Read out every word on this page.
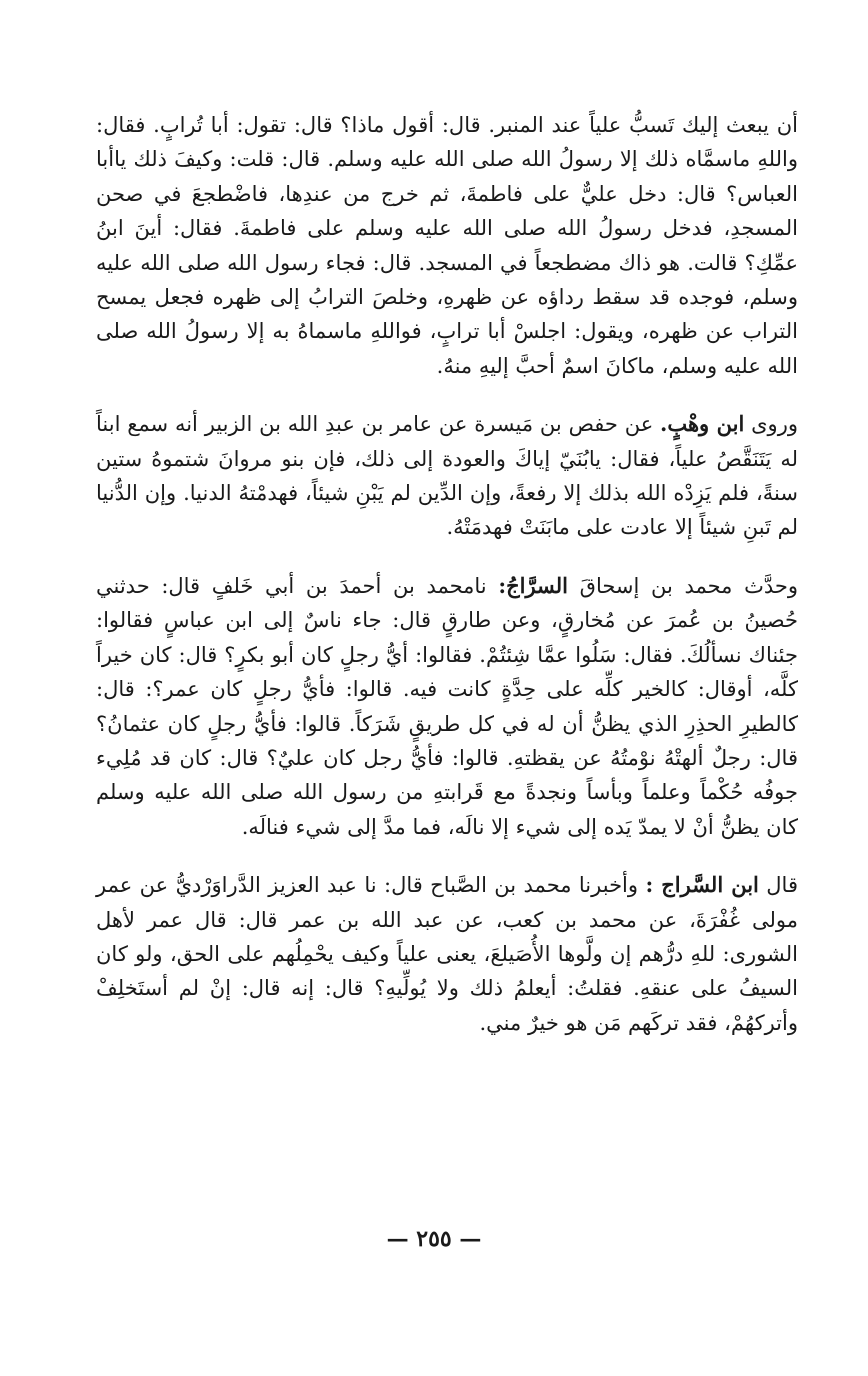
أن يبعث إليك تَسبُّ علياً عند المنبر. قال: أقول ماذا؟ قال: تقول: أبا تُرابٍ. فقال: واللهِ ماسمَّاه ذلك إلا رسولُ الله صلى الله عليه وسلم. قال: قلت: وكيفَ ذلك ياأبا العباس؟ قال: دخل عليٌّ على فاطمةَ، ثم خرج من عندِها، فاضْطجعَ في صحن المسجدِ، فدخل رسولُ الله صلى الله عليه وسلم على فاطمةَ. فقال: أينَ ابنُ عمِّكِ؟ قالت. هو ذاك مضطجعاً في المسجد. قال: فجاء رسول الله صلى الله عليه وسلم، فوجده قد سقط رداؤه عن ظهرهِ، وخلصَ الترابُ إلى ظهره فجعل يمسح التراب عن ظهره، ويقول: اجلسْ أبا ترابٍ، فواللهِ ماسماهُ به إلا رسولُ الله صلى الله عليه وسلم، ماكانَ اسمٌ أحبَّ إليهِ منهُ.

وروى ابن وهْبٍ. عن حفص بن مَيسرة عن عامر بن عبدِ الله بن الزبير أنه سمع ابناً له يَتَنَقَّصُ علياً، فقال: يابُنَيّ إياكَ والعودة إلى ذلك، فإن بنو مروانَ شتموهُ ستين سنةً، فلم يَزِدْه الله بذلك إلا رفعةً، وإن الدِّين لم يَبْنِ شيئاً، فهدمْتهُ الدنيا. وإن الدُّنيا لم تَبنِ شيئاً إلا عادت على مابَنَتْ فهدمَتْهُ.

وحدَّث محمد بن إسحاقَ السرَّاجُ: نامحمد بن أحمدَ بن أبي خَلفٍ قال: حدثني حُصينُ بن عُمرَ عن مُخارقٍ، وعن طارقٍ قال: جاء ناسٌ إلى ابن عباسٍ فقالوا: جئناك نسألُكَ. فقال: سَلُوا عمَّا شِئتُمْ. فقالوا: أيُّ رجلٍ كان أبو بكرٍ؟ قال: كان خيراً كلَّه، أوقال: كالخير كلِّه على حِدَّةٍ كانت فيه. قالوا: فأيُّ رجلٍ كان عمر؟: قال: كالطيرِ الحذِرِ الذي يظنُّ أن له في كل طريقٍ شَرَكاً. قالوا: فأيُّ رجلٍ كان عثمانُ؟ قال: رجلٌ ألهتْهُ نوْمتُهُ عن يقظتهِ. قالوا: فأيُّ رجل كان عليٌ؟ قال: كان قد مُلِيء جوفُه حُكْماً وعلماً وبأساً ونجدةً مع قَرابتهِ من رسول الله صلى الله عليه وسلم كان يظنُّ أنْ لا يمدّ يَده إلى شيء إلا نالَه، فما مدَّ إلى شيء فنالَه.

قال ابن السَّراج : وأخبرنا محمد بن الصَّباح قال: نا عبد العزيز الدَّراوَرْديُّ عن عمر مولى غُفْرَةَ، عن محمد بن كعب، عن عبد الله بن عمر قال: قال عمر لأهل الشورى: للهِ درُّهم إن ولَّوها الأُصَيلعَ، يعنى علياً وكيف يحْمِلُهم على الحق، ولو كان السيفُ على عنقهِ. فقلتُ: أيعلمُ ذلك ولا يُولِّيهِ؟ قال: إنه قال: إنْ لم أستَخلِفْ وأتركهُمْ، فقد تركَهم مَن هو خيرٌ مني.

— ٢٥٥ —
